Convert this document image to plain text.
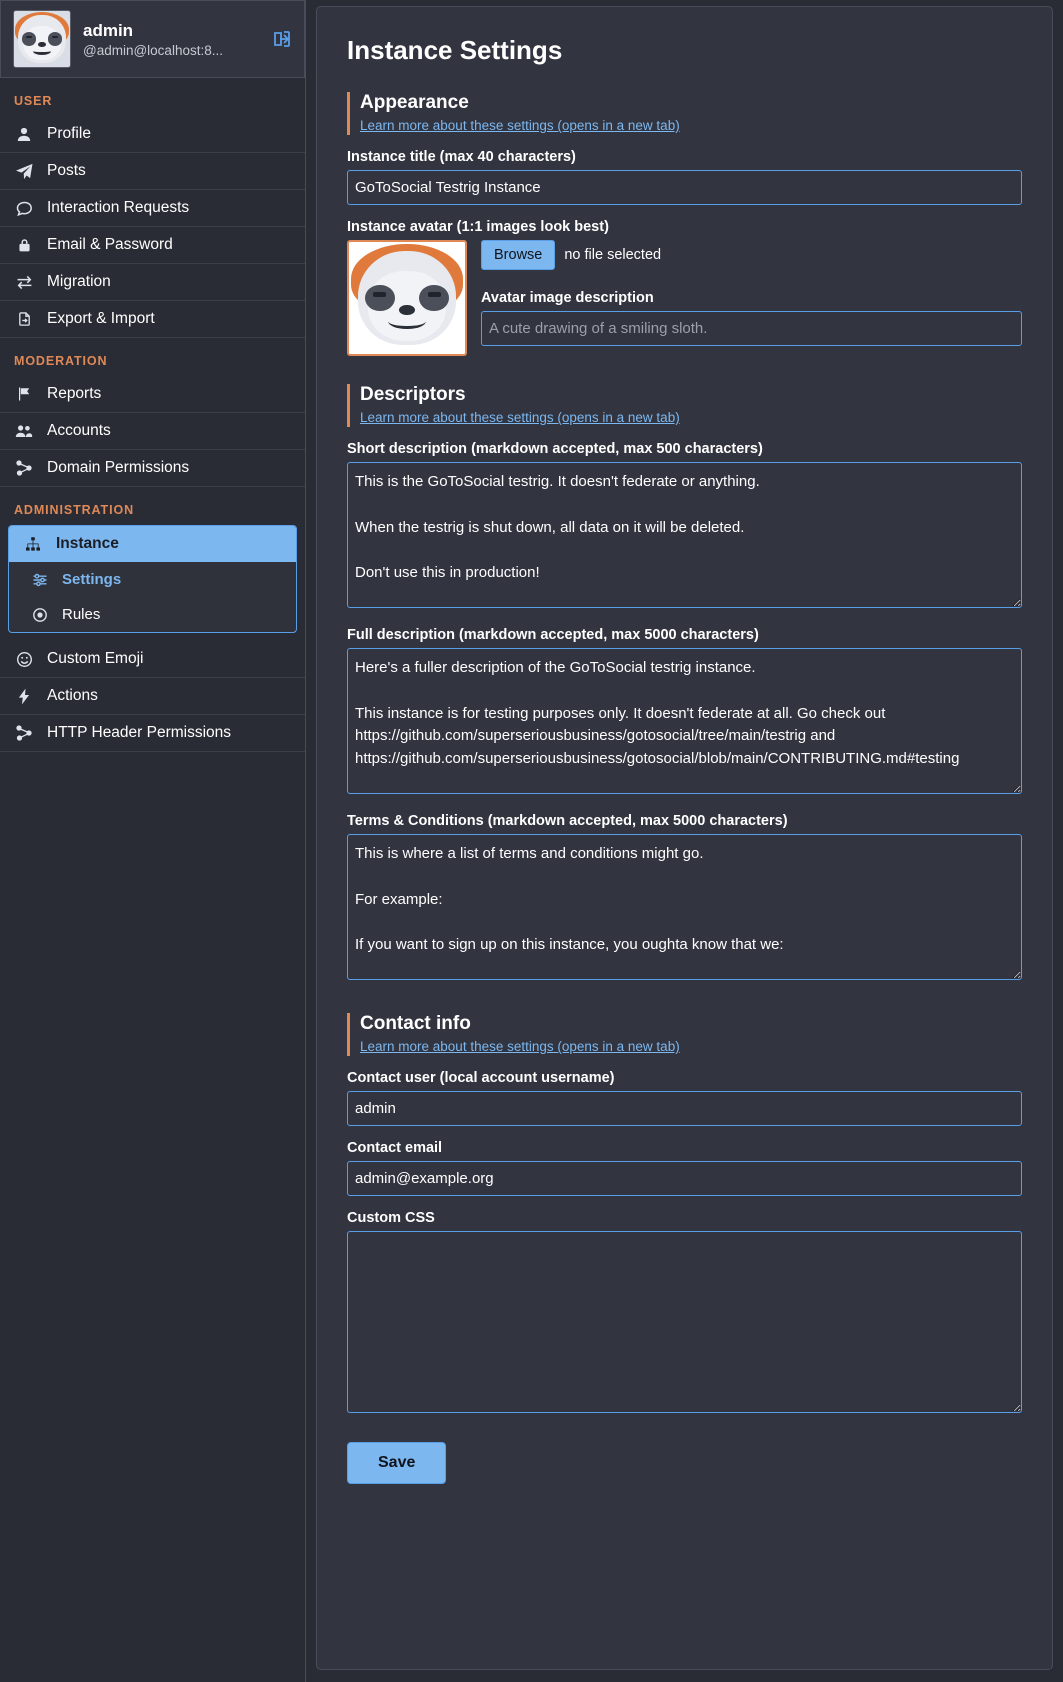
admin
@admin@localhost:8...
USER
Profile
Posts
Interaction Requests
Email & Password
Migration
Export & Import
MODERATION
Reports
Accounts
Domain Permissions
ADMINISTRATION
Instance
Settings
Rules
Custom Emoji
Actions
HTTP Header Permissions
Instance Settings
Appearance
Learn more about these settings (opens in a new tab)
Instance title (max 40 characters)
GoToSocial Testrig Instance
Instance avatar (1:1 images look best)
Browse	no file selected
Avatar image description
A cute drawing of a smiling sloth.
Descriptors
Learn more about these settings (opens in a new tab)
Short description (markdown accepted, max 500 characters)
This is the GoToSocial testrig. It doesn't federate or anything. When the testrig is shut down, all data on it will be deleted. Don't use this in production!
Full description (markdown accepted, max 5000 characters)
Here's a fuller description of the GoToSocial testrig instance. This instance is for testing purposes only. It doesn't federate at all. Go check out https://github.com/superseriousbusiness/gotosocial/tree/main/testrig and https://github.com/superseriousbusiness/gotosocial/blob/main/CONTRIBUTING.md#testing
Terms & Conditions (markdown accepted, max 5000 characters)
This is where a list of terms and conditions might go. For example: If you want to sign up on this instance, you oughta know that we:
Contact info
Learn more about these settings (opens in a new tab)
Contact user (local account username)
admin
Contact email
admin@example.org
Custom CSS
Save
